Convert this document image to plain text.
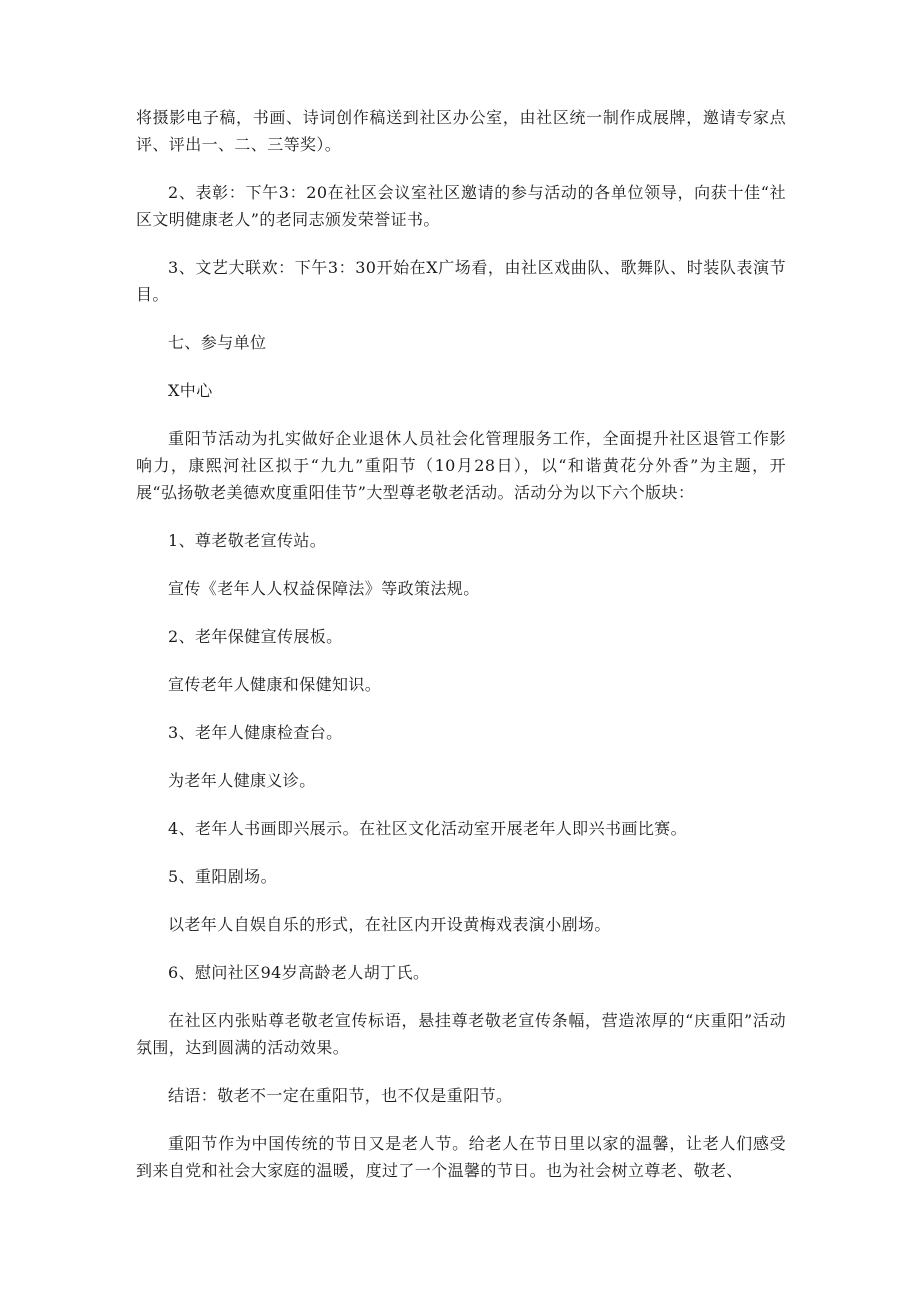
将摄影电子稿，书画、诗词创作稿送到社区办公室，由社区统一制作成展牌，邀请专家点评、评出一、二、三等奖）。

2、表彰：下午3：20在社区会议室社区邀请的参与活动的各单位领导，向获十佳“社区文明健康老人”的老同志颁发荣誉证书。

3、文艺大联欢：下午3：30开始在X广场看，由社区戏曲队、歌舞队、时装队表演节目。

七、参与单位

X中心

重阳节活动为扎实做好企业退休人员社会化管理服务工作，全面提升社区退管工作影响力，康熙河社区拟于“九九”重阳节（10月28日），以“和谐黄花分外香”为主题，开展“弘扬敬老美德欢度重阳佳节”大型尊老敬老活动。活动分为以下六个版块：

1、尊老敬老宣传站。

宣传《老年人人权益保障法》等政策法规。

2、老年保健宣传展板。

宣传老年人健康和保健知识。

3、老年人健康检查台。

为老年人健康义诊。

4、老年人书画即兴展示。在社区文化活动室开展老年人即兴书画比赛。

5、重阳剧场。

以老年人自娱自乐的形式，在社区内开设黄梅戏表演小剧场。

6、慰问社区94岁高龄老人胡丁氏。

在社区内张贴尊老敬老宣传标语，悬挂尊老敬老宣传条幅，营造浓厚的“庆重阳”活动氛围，达到圆满的活动效果。

结语：敬老不一定在重阳节，也不仅是重阳节。

重阳节作为中国传统的节日又是老人节。给老人在节日里以家的温馨，让老人们感受到来自党和社会大家庭的温暖，度过了一个温馨的节日。也为社会树立尊老、敬老、
